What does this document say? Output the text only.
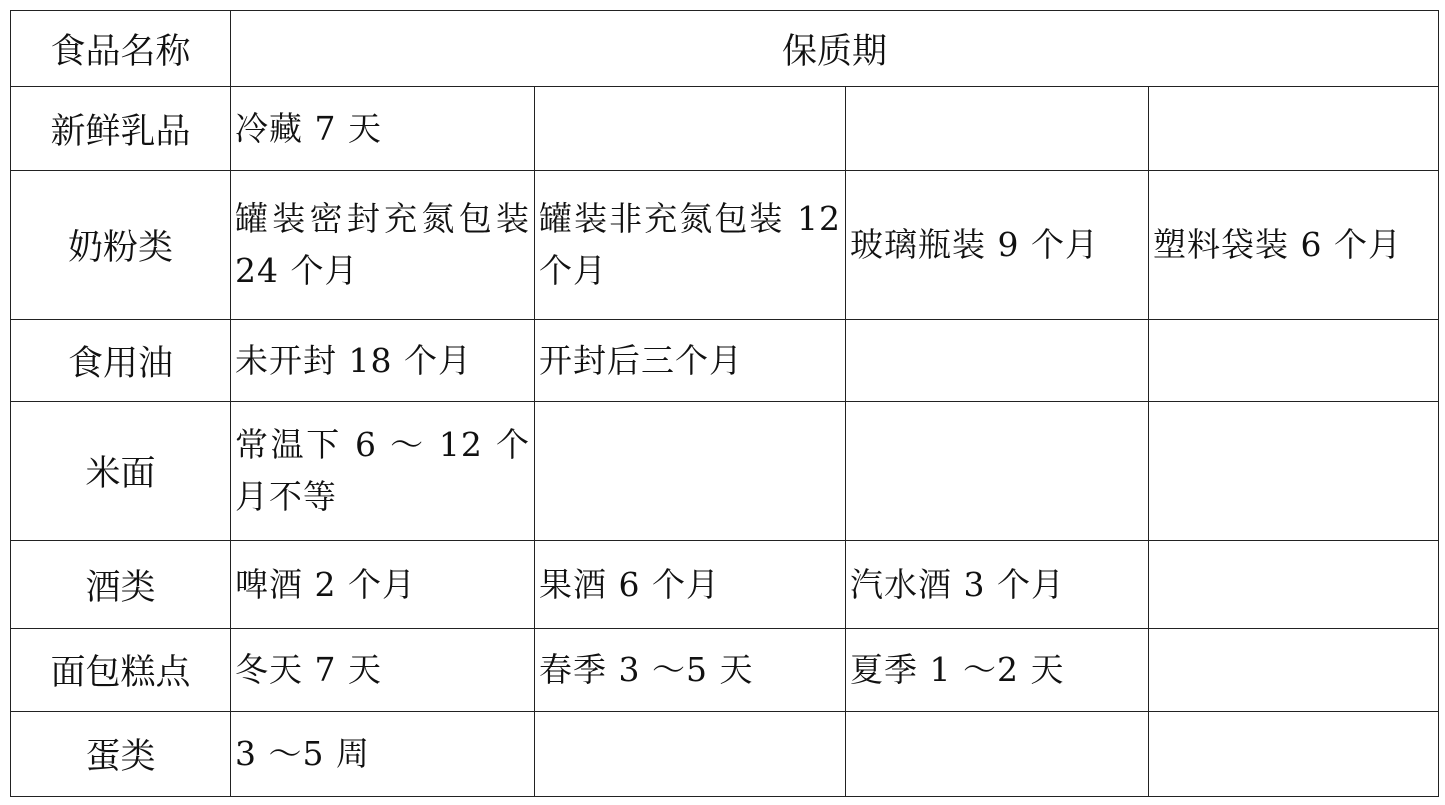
食品名称	保质期			
新鲜乳品	冷藏 7 天			
奶粉类	罐装密封充氮包装 24 个月	罐装非充氮包装 12 个月	玻璃瓶装 9 个月	塑料袋装 6 个月
食用油	未开封 18 个月	开封后三个月		
米面	常温下 6 ～ 12 个月不等			
酒类	啤酒 2 个月	果酒 6 个月	汽水酒 3 个月	
面包糕点	冬天 7 天	春季 3 ～5 天	夏季 1 ～2 天	
蛋类	3 ～5 周			
